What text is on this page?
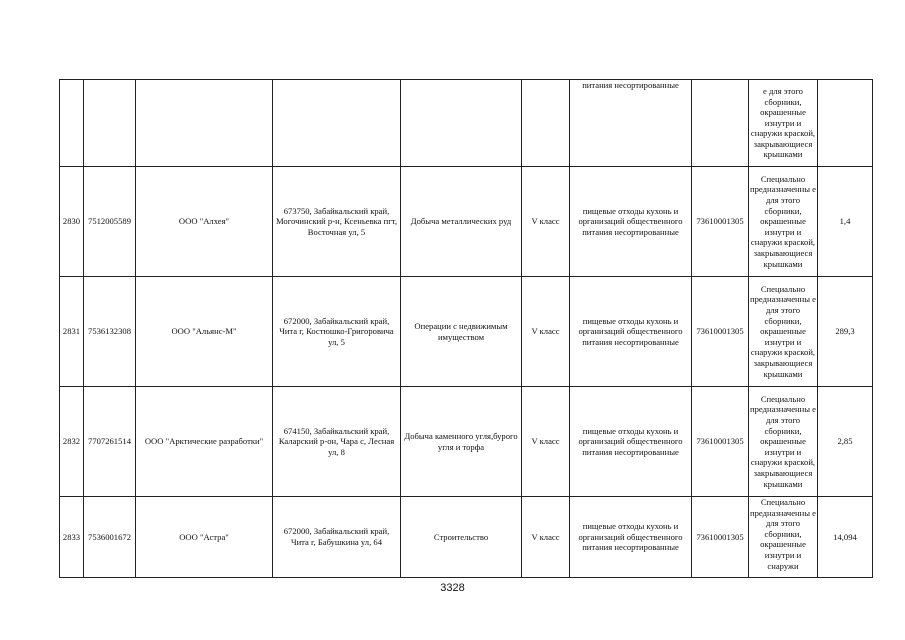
						питания несортированные		е для этого сборники, окрашенные изнутри и снаружи краской, закрывающиеся крышками	
2830	7512005589	ООО "Алхея"	673750, Забайкальский край, Могочинский р-н, Ксеньевка пгт, Восточная ул, 5	Добыча металлических руд	V класс	пищевые отходы кухонь и организаций общественного питания несортированные	73610001305	Специально предназначенны е для этого сборники, окрашенные изнутри и снаружи краской, закрывающиеся крышками	1,4
2831	7536132308	ООО "Альянс-М"	672000, Забайкальский край, Чита г, Костюшко-Григоровича ул, 5	Операции с недвижимым имуществом	V класс	пищевые отходы кухонь и организаций общественного питания несортированные	73610001305	Специально предназначенны е для этого сборники, окрашенные изнутри и снаружи краской, закрывающиеся крышками	289,3
2832	7707261514	ООО "Арктические разработки"	674150, Забайкальский край, Каларский р-он, Чара с, Лесная ул, 8	Добыча каменного угля,бурого угля и торфа	V класс	пищевые отходы кухонь и организаций общественного питания несортированные	73610001305	Специально предназначенны е для этого сборники, окрашенные изнутри и снаружи краской, закрывающиеся крышками	2,85
2833	7536001672	ООО "Астра"	672000, Забайкальский край, Чита г, Бабушкина ул, 64	Строительство	V класс	пищевые отходы кухонь и организаций общественного питания несортированные	73610001305	Специально предназначенны е для этого сборники, окрашенные изнутри и снаружи	14,094
3328
